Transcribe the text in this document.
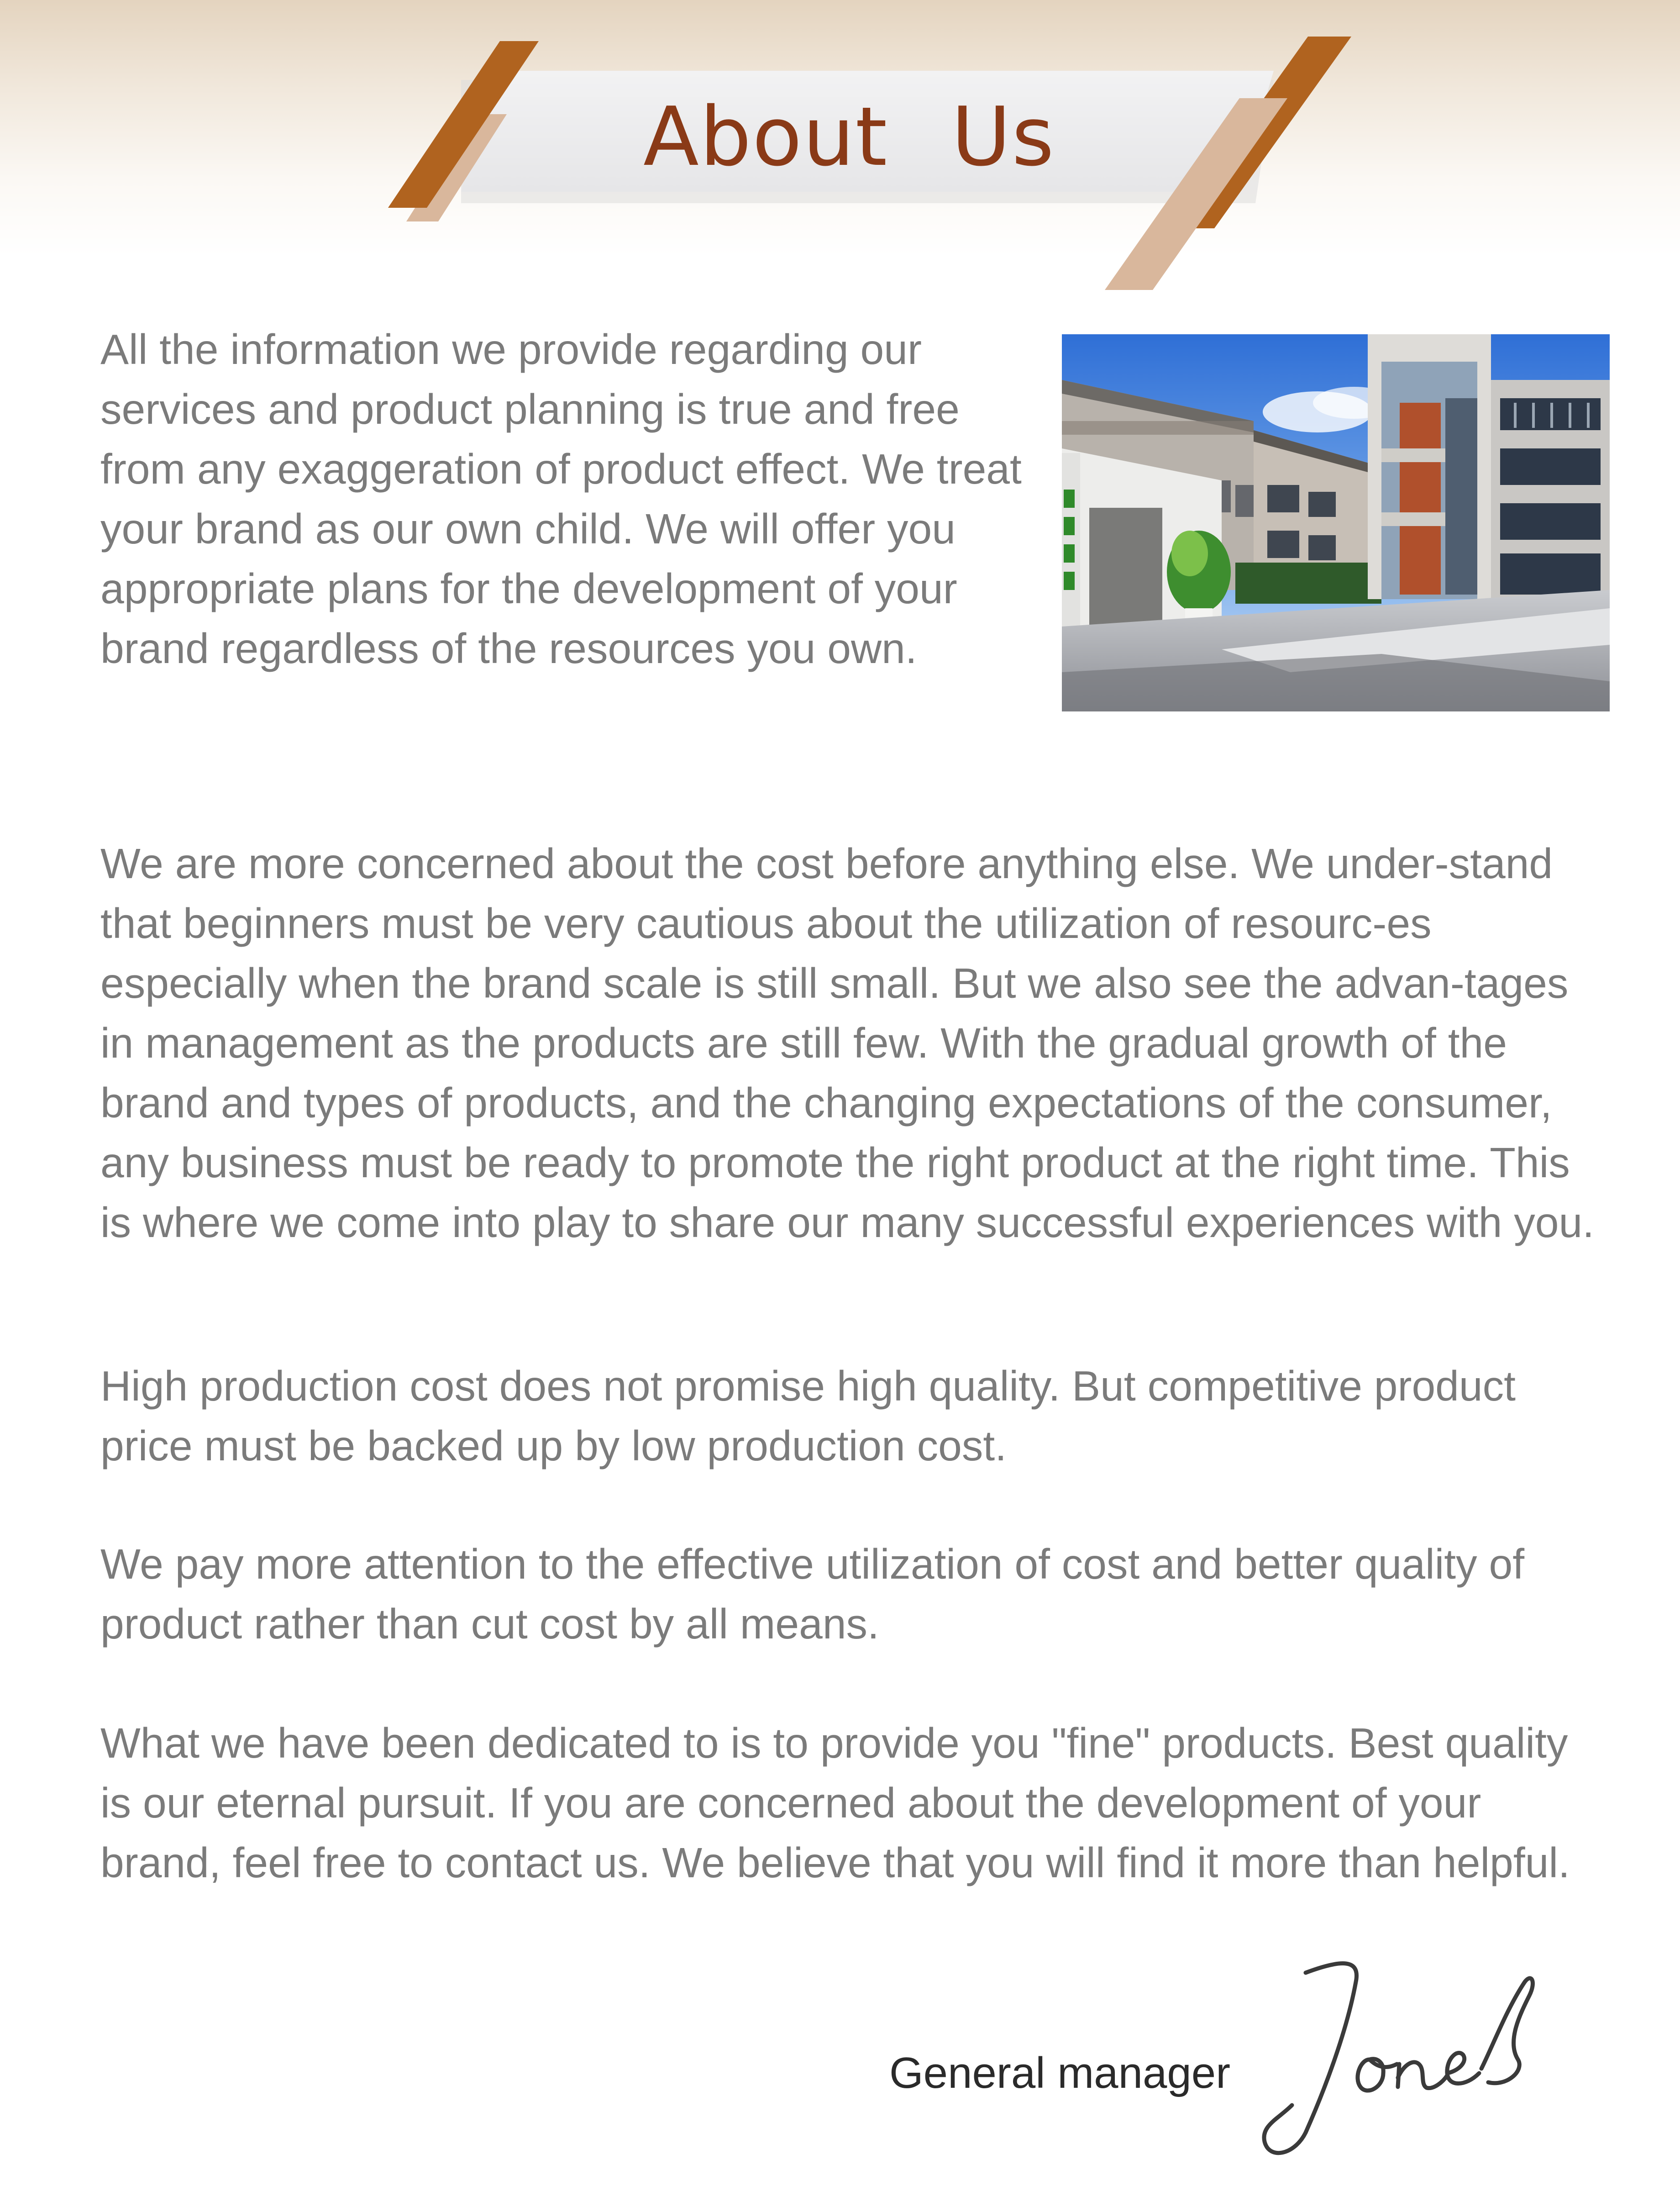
About Us

All the information we provide regarding our services and product planning is true and free from any exaggeration of product effect. We treat your brand as our own child. We will offer you appropriate plans for the development of your brand regardless of the resources you own.

We are more concerned about the cost before anything else. We under-stand that beginners must be very cautious about the utilization of resourc-es especially when the brand scale is still small. But we also see the advan-tages in management as the products are still few. With the gradual growth of the brand and types of products, and the changing expectations of the consumer, any business must be ready to promote the right product at the right time. This is where we come into play to share our many successful experiences with you.

High production cost does not promise high quality. But competitive product price must be backed up by low production cost.

We pay more attention to the effective utilization of cost and better quality of product rather than cut cost by all means.

What we have been dedicated to is to provide you "fine" products. Best quality is our eternal pursuit. If you are concerned about the development of your brand, feel free to contact us. We believe that you will find it more than helpful.

General manager
